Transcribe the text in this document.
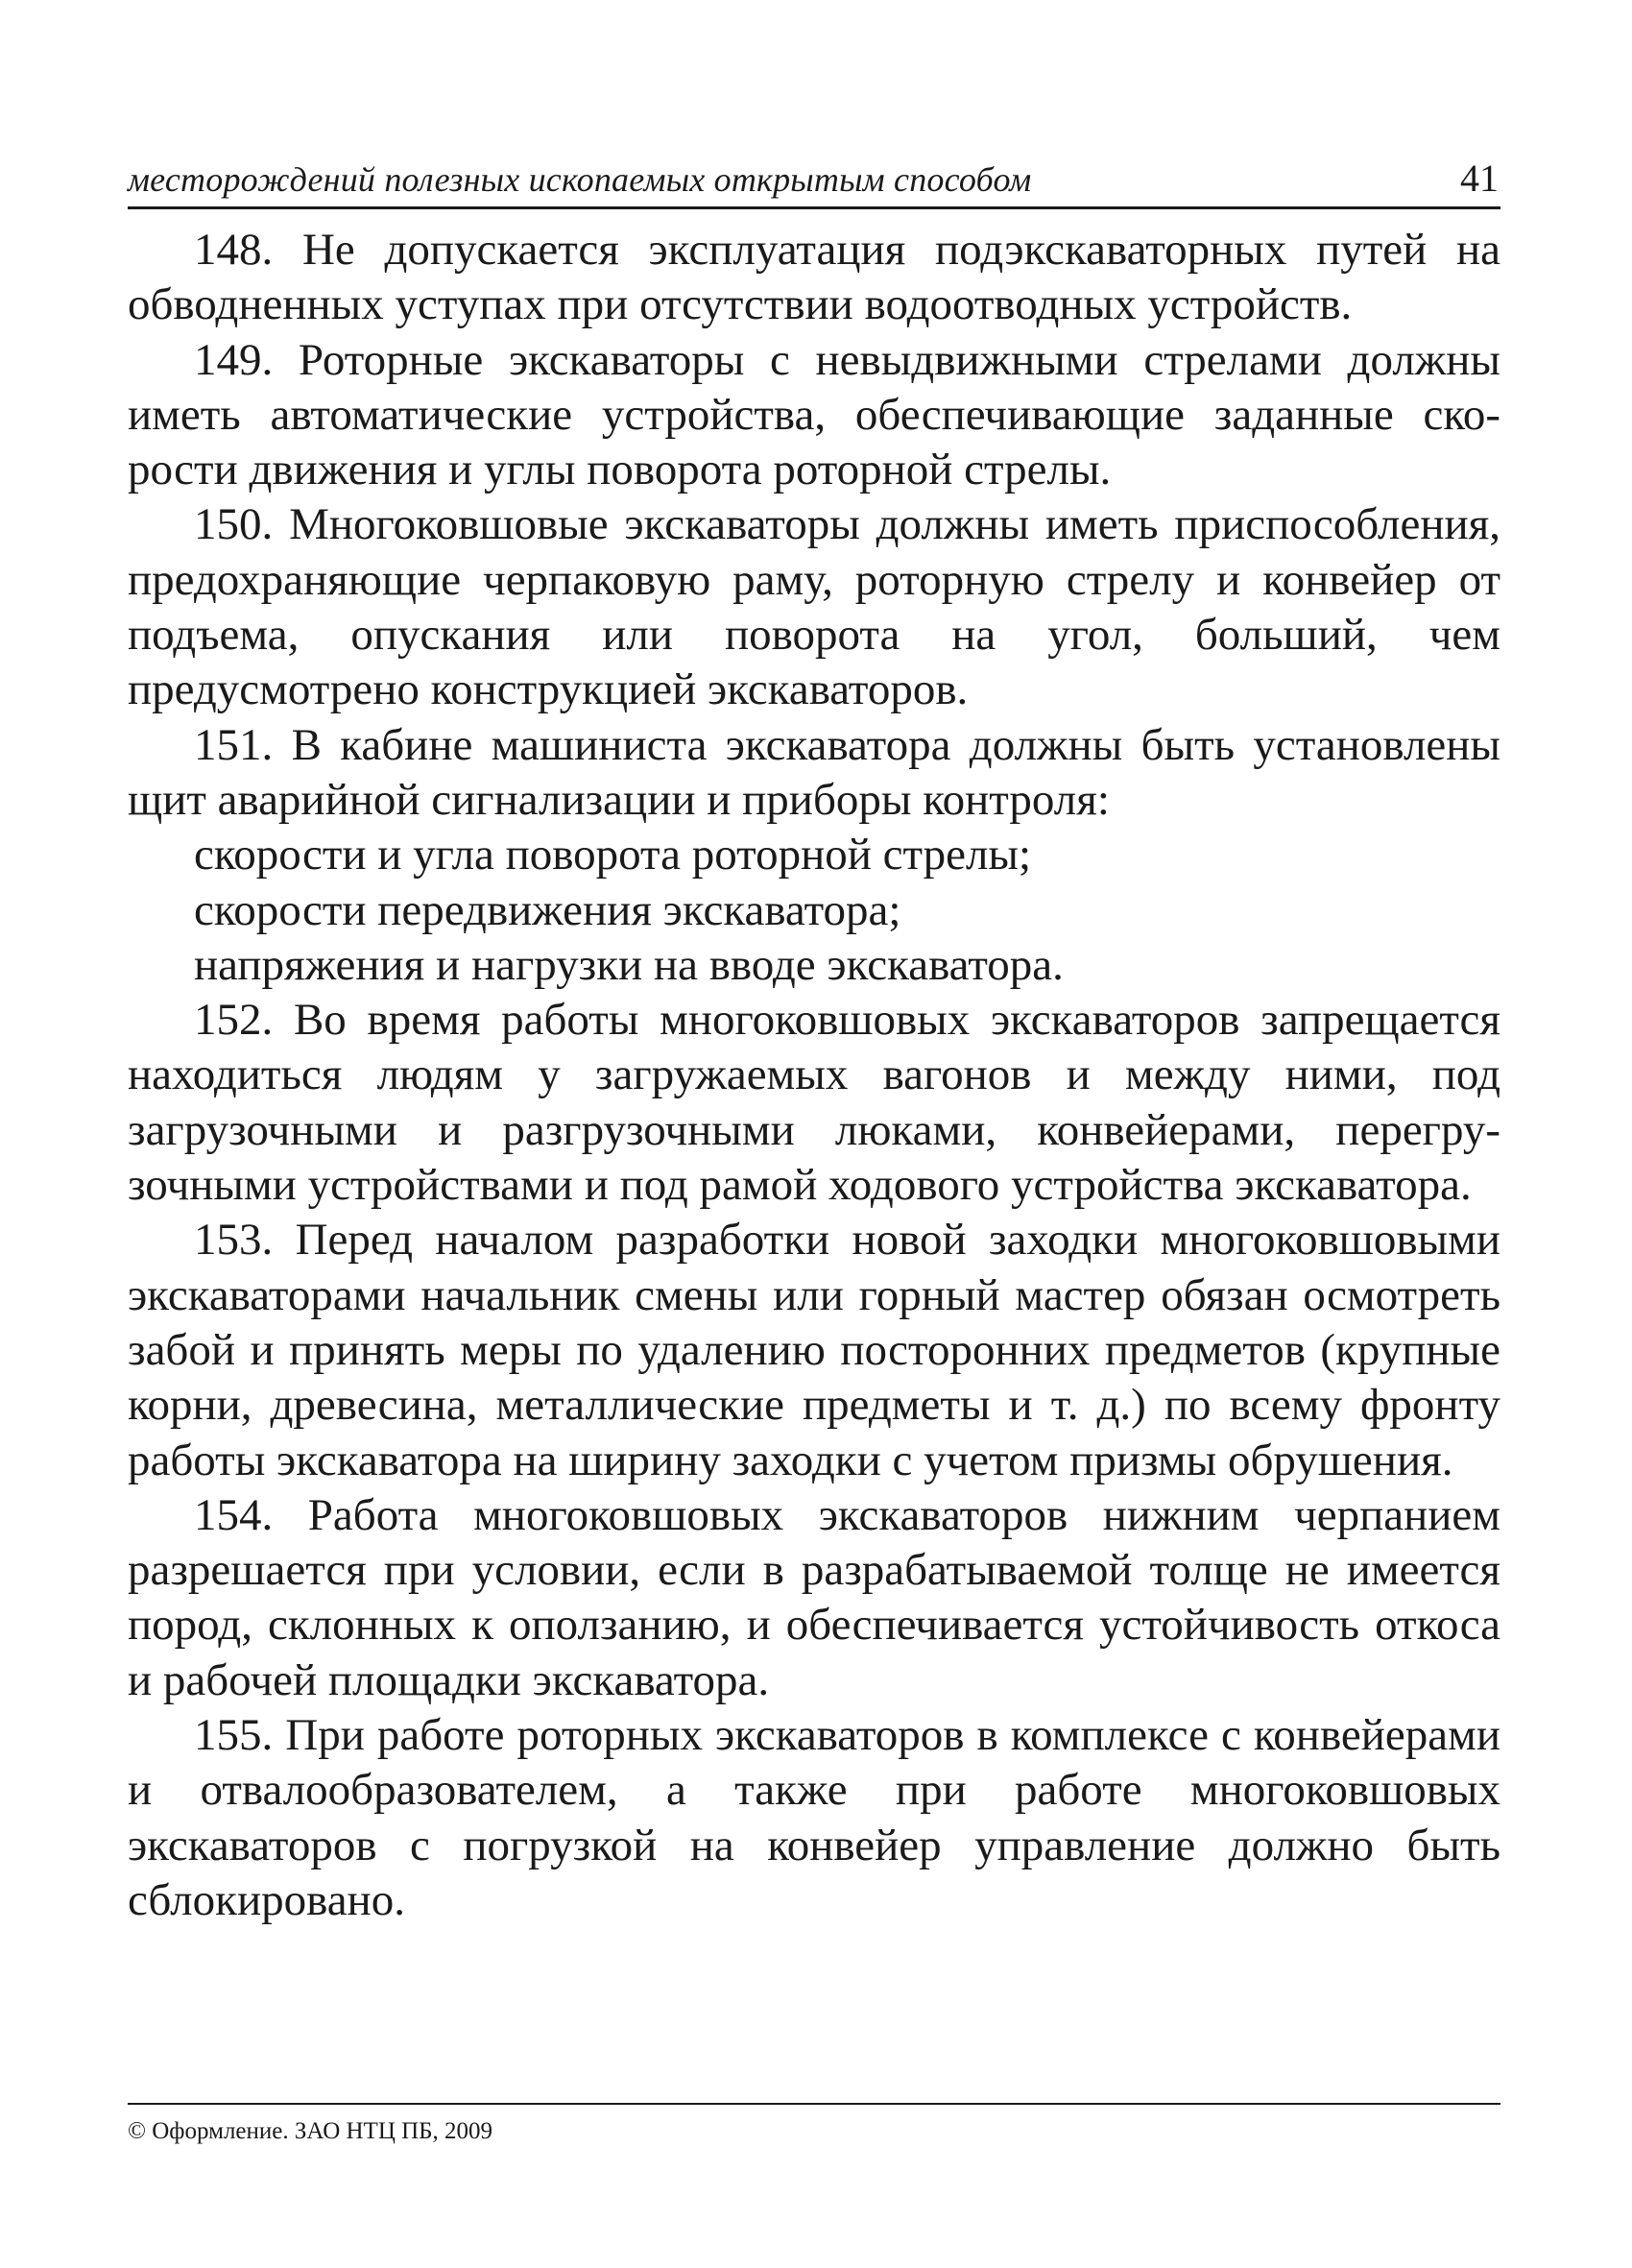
месторождений полезных ископаемых открытым способом	41

148. Не допускается эксплуатация подэкскаваторных путей на обводненных уступах при отсутствии водоотводных устройств.

149. Роторные экскаваторы с невыдвижными стрелами должны иметь автоматические устройства, обеспечивающие заданные скорости движения и углы поворота роторной стрелы.

150. Многоковшовые экскаваторы должны иметь приспособления, предохраняющие черпаковую раму, роторную стрелу и конвейер от подъема, опускания или поворота на угол, больший, чем предусмотрено конструкцией экскаваторов.

151. В кабине машиниста экскаватора должны быть установлены щит аварийной сигнализации и приборы контроля:

скорости и угла поворота роторной стрелы;

скорости передвижения экскаватора;

напряжения и нагрузки на вводе экскаватора.

152. Во время работы многоковшовых экскаваторов запрещается находиться людям у загружаемых вагонов и между ними, под загрузочными и разгрузочными люками, конвейерами, перегрузочными устройствами и под рамой ходового устройства экскаватора.

153. Перед началом разработки новой заходки многоковшовыми экскаваторами начальник смены или горный мастер обязан осмотреть забой и принять меры по удалению посторонних предметов (крупные корни, древесина, металлические предметы и т. д.) по всему фронту работы экскаватора на ширину заходки с учетом призмы обрушения.

154. Работа многоковшовых экскаваторов нижним черпанием разрешается при условии, если в разрабатываемой толще не имеется пород, склонных к оползанию, и обеспечивается устойчивость откоса и рабочей площадки экскаватора.

155. При работе роторных экскаваторов в комплексе с конвейерами и отвалообразователем, а также при работе многоковшовых экскаваторов с погрузкой на конвейер управление должно быть сблокировано.

© Оформление. ЗАО НТЦ ПБ, 2009
